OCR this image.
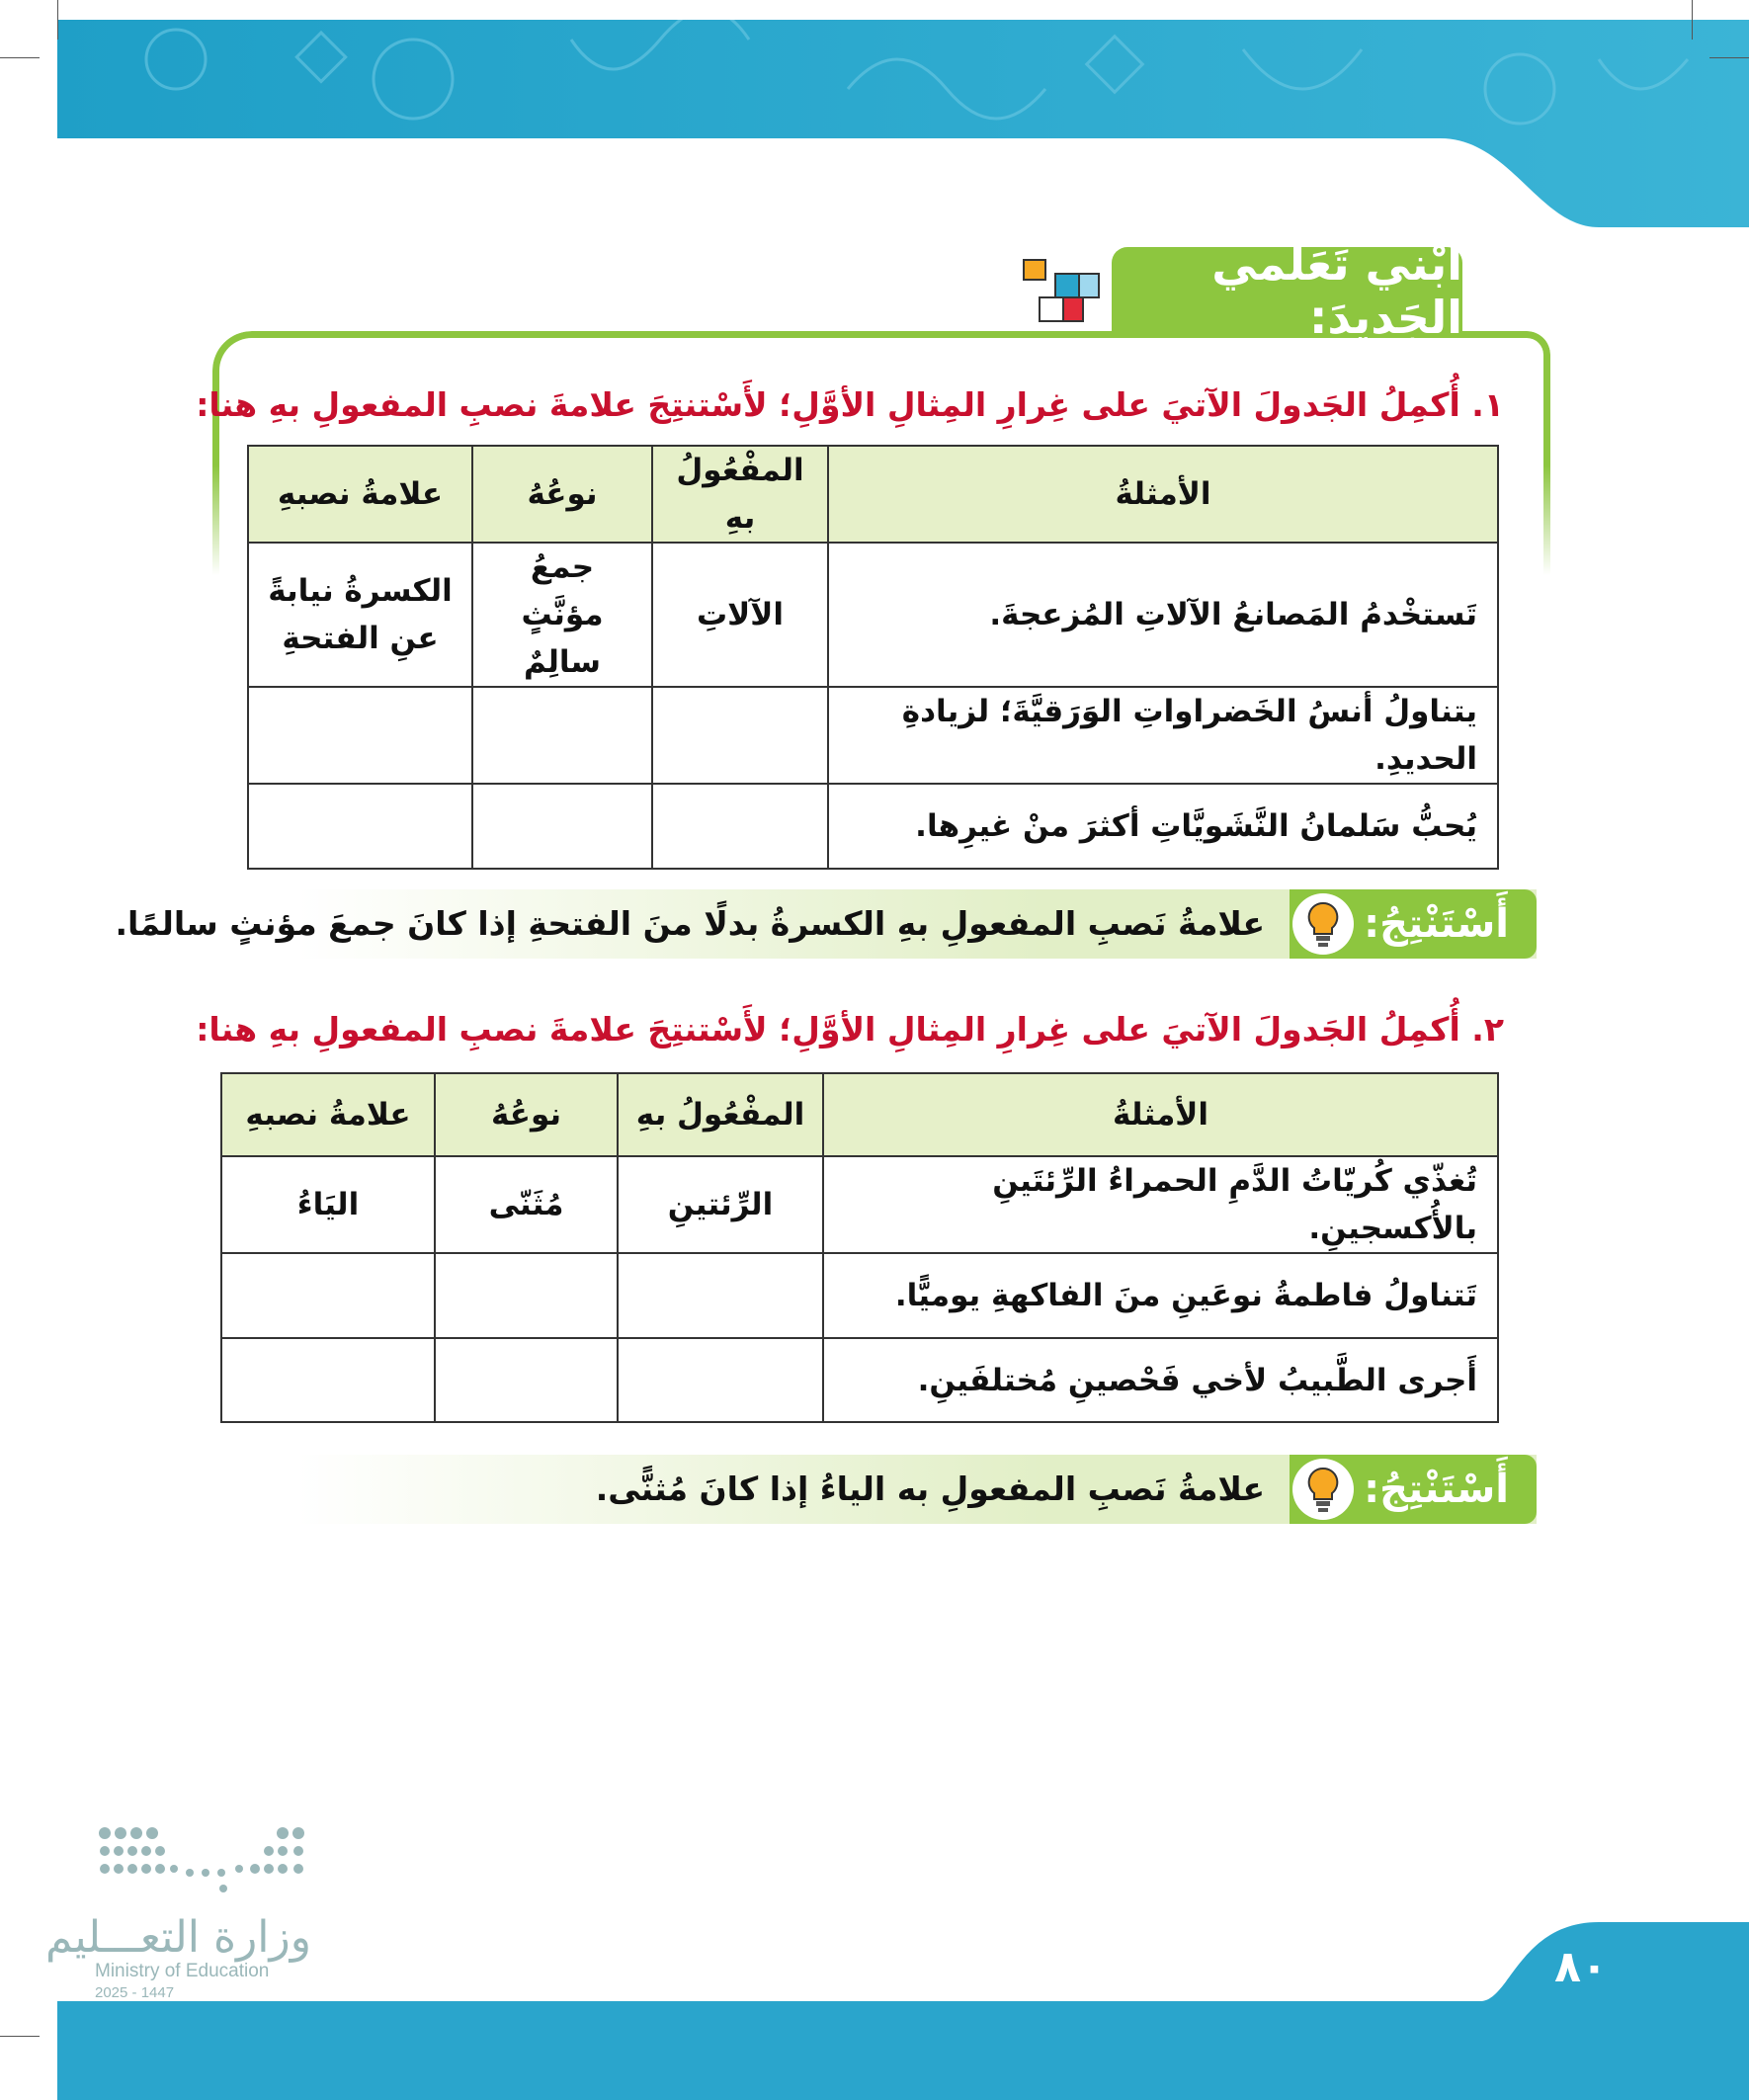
أَبْني تَعَلُّمي الجَديدَ:
١. أُكمِلُ الجَدولَ الآتيَ على غِرارِ المِثالِ الأوَّلِ؛ لأَسْتنتِجَ علامةَ نصبِ المفعولِ بهِ هنا:
الأمثلةُ	المفْعُولُ بهِ	نوعُهُ	علامةُ نصبهِ
تَستخْدمُ المَصانعُ الآلاتِ المُزعجةَ.	الآلاتِ	جمعُ مؤنَّثٍ سالِمٌ	الكسرةُ نيابةً عنِ الفتحةِ
يتناولُ أنسُ الخَضراواتِ الوَرَقيَّةَ؛ لزيادةِ الحديدِ.			
يُحبُّ سَلمانُ النَّشَويَّاتِ أكثرَ منْ غيرِها.			
أَسْتَنْتِجُ:
علامةُ نَصبِ المفعولِ بهِ الكسرةُ بدلًا منَ الفتحةِ إذا كانَ جمعَ مؤنثٍ سالمًا.
٢. أُكمِلُ الجَدولَ الآتيَ على غِرارِ المِثالِ الأوَّلِ؛ لأَسْتنتِجَ علامةَ نصبِ المفعولِ بهِ هنا:
الأمثلةُ	المفْعُولُ بهِ	نوعُهُ	علامةُ نصبهِ
تُغذّي كُريّاتُ الدَّمِ الحمراءُ الرِّئتَينِ بالأُكسجينِ.	الرِّئتينِ	مُثَنّى	اليَاءُ
تَتناولُ فاطمةُ نوعَينِ منَ الفاكهةِ يوميًّا.			
أَجرى الطَّبيبُ لأخي فَحْصينِ مُختلفَينِ.			
أَسْتَنْتِجُ:
علامةُ نَصبِ المفعولِ به الياءُ إذا كانَ مُثنًّى.
وزارة التعـــليم
Ministry of Education
2025 - 1447
٨٠
